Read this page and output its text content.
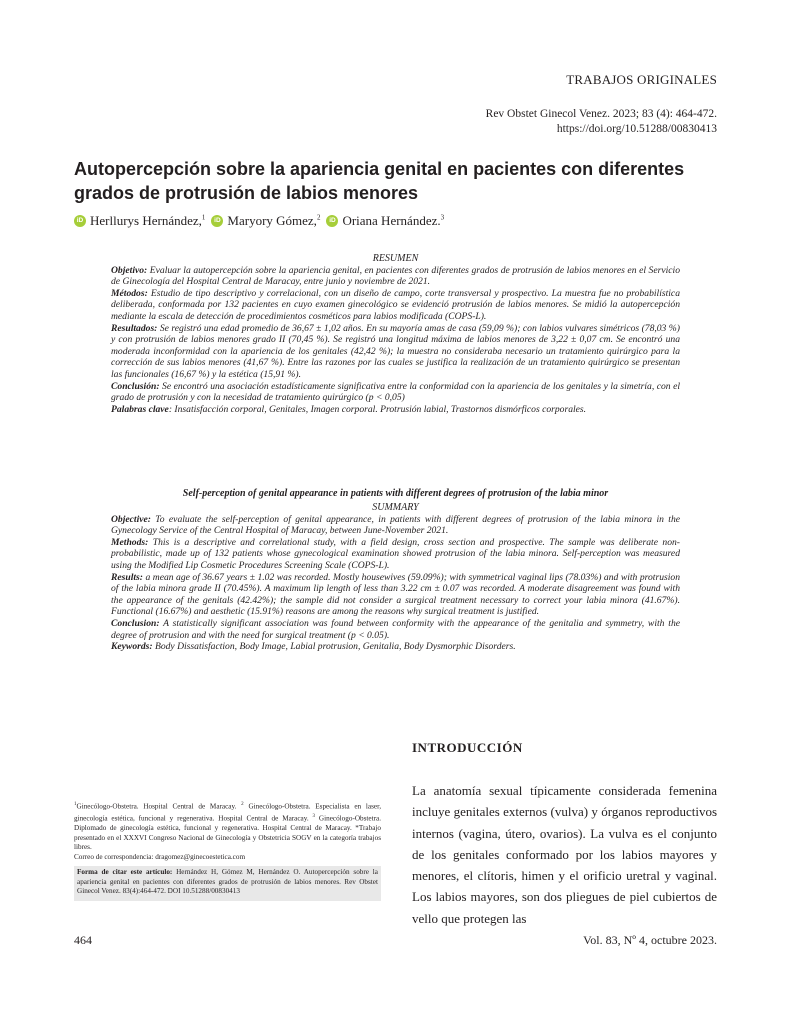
TRABAJOS ORIGINALES
Rev Obstet Ginecol Venez. 2023; 83 (4): 464-472.
https://doi.org/10.51288/00830413
Autopercepción sobre la apariencia genital en pacientes con diferentes grados de protrusión de labios menores
iD Herllurys Hernández,$^1$	iD Maryory Gómez,$^2$	iD Oriana Hernández.$^3$
RESUMEN

Objetivo: Evaluar la autopercepción sobre la apariencia genital, en pacientes con diferentes grados de protrusión de labios menores en el Servicio de Ginecología del Hospital Central de Maracay, entre junio y noviembre de 2021.

Métodos: Estudio de tipo descriptivo y correlacional, con un diseño de campo, corte transversal y prospectivo. La muestra fue no probabilística deliberada, conformada por 132 pacientes en cuyo examen ginecológico se evidenció protrusión de labios menores. Se midió la autopercepción mediante la escala de detección de procedimientos cosméticos para labios modificada (COPS-L).

Resultados: Se registró una edad promedio de 36,67 ± 1,02 años. En su mayoría amas de casa (59,09 %); con labios vulvares simétricos (78,03 %) y con protrusión de labios menores grado II (70,45 %). Se registró una longitud máxima de labios menores de 3,22 ± 0,07 cm. Se encontró una moderada inconformidad con la apariencia de los genitales (42,42 %); la muestra no consideraba necesario un tratamiento quirúrgico para la corrección de sus labios menores (41,67 %). Entre las razones por las cuales se justifica la realización de un tratamiento quirúrgico se presentan las funcionales (16,67 %) y la estética (15,91 %).

Conclusión: Se encontró una asociación estadísticamente significativa entre la conformidad con la apariencia de los genitales y la simetría, con el grado de protrusión y con la necesidad de tratamiento quirúrgico (p < 0,05)

Palabras clave: Insatisfacción corporal, Genitales, Imagen corporal. Protrusión labial, Trastornos dismórficos corporales.

Self-perception of genital appearance in patients with different degrees of protrusion of the labia minor
SUMMARY

Objective: To evaluate the self-perception of genital appearance, in patients with different degrees of protrusion of the labia minora in the Gynecology Service of the Central Hospital of Maracay, between June-November 2021.

Methods: This is a descriptive and correlational study, with a field design, cross section and prospective. The sample was deliberate non-probabilistic, made up of 132 patients whose gynecological examination showed protrusion of the labia minora. Self-perception was measured using the Modified Lip Cosmetic Procedures Screening Scale (COPS-L).

Results: a mean age of 36.67 years ± 1.02 was recorded. Mostly housewives (59.09%); with symmetrical vaginal lips (78.03%) and with protrusion of the labia minora grade II (70.45%). A maximum lip length of less than 3.22 cm ± 0.07 was recorded. A moderate disagreement was found with the appearance of the genitals (42.42%); the sample did not consider a surgical treatment necessary to correct your labia minora (41.67%). Functional (16.67%) and aesthetic (15.91%) reasons are among the reasons why surgical treatment is justified.

Conclusion: A statistically significant association was found between conformity with the appearance of the genitalia and symmetry, with the degree of protrusion and with the need for surgical treatment (p < 0.05).

Keywords: Body Dissatisfaction, Body Image, Labial protrusion, Genitalia, Body Dysmorphic Disorders.

INTRODUCCIÓN
La anatomía sexual típicamente considerada femenina incluye genitales externos (vulva) y órganos reproductivos internos (vagina, útero, ovarios). La vulva es el conjunto de los genitales conformado por los labios mayores y menores, el clítoris, himen y el orificio uretral y vaginal. Los labios mayores, son dos pliegues de piel cubiertos de vello que protegen las

$^1$Ginecólogo-Obstetra. Hospital Central de Maracay. $^2$ Ginecólogo-Obstetra. Especialista en laser, ginecología estética, funcional y regenerativa. Hospital Central de Maracay. $^3$ Ginecólogo-Obstetra. Diplomado de ginecología estética, funcional y regenerativa. Hospital Central de Maracay. *Trabajo presentado en el XXXVI Congreso Nacional de Ginecología y Obstetricia SOGV en la categoría trabajos libres.

Correo de correspondencia: dragomez@ginecoestetica.com

Forma de citar este artículo: Hernández H, Gómez M, Hernández O. Autopercepción sobre la apariencia genital en pacientes con diferentes grados de protrusión de labios menores. Rev Obstet Ginecol Venez. 83(4):464-472. DOI 10.51288/00830413
464	Vol. 83, Nº 4, octubre 2023.
